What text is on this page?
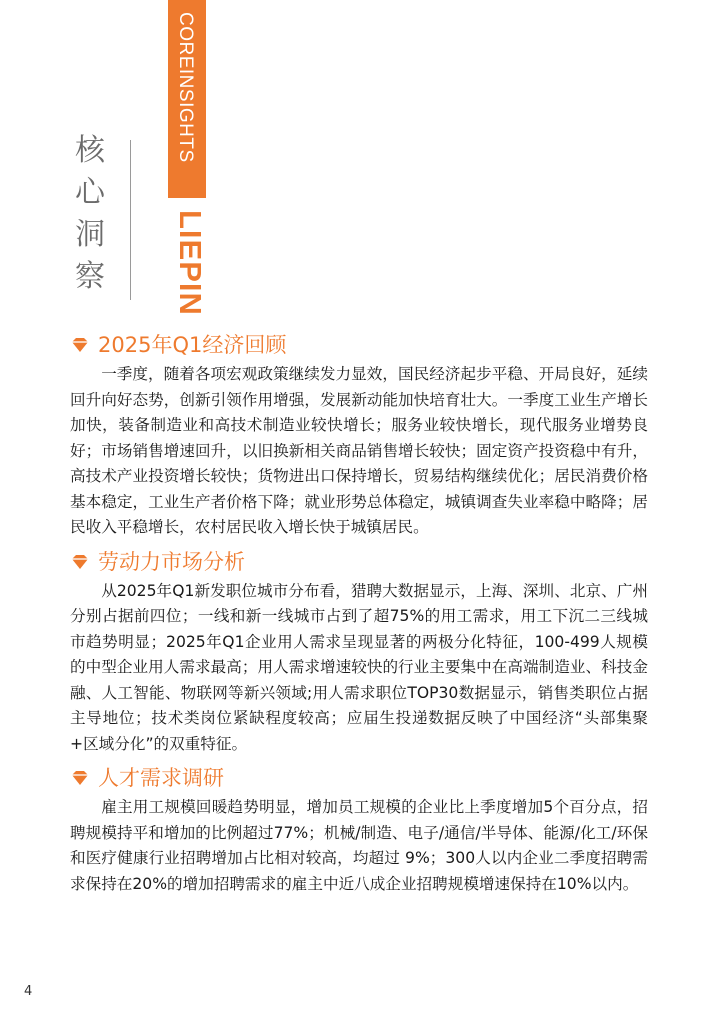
核
心
洞
察
COREINSIGHTS
LIEPIN
2025年Q1经济回顾

一季度，随着各项宏观政策继续发力显效，国民经济起步平稳、开局良好，延续回升向好态势，创新引领作用增强，发展新动能加快培育壮大。一季度工业生产增长加快，装备制造业和高技术制造业较快增长；服务业较快增长，现代服务业增势良好；市场销售增速回升，以旧换新相关商品销售增长较快；固定资产投资稳中有升，高技术产业投资增长较快；货物进出口保持增长，贸易结构继续优化；居民消费价格基本稳定，工业生产者价格下降；就业形势总体稳定，城镇调查失业率稳中略降；居民收入平稳增长，农村居民收入增长快于城镇居民。

劳动力市场分析

从2025年Q1新发职位城市分布看，猎聘大数据显示，上海、深圳、北京、广州分别占据前四位；一线和新一线城市占到了超75%的用工需求，用工下沉二三线城市趋势明显；2025年Q1企业用人需求呈现显著的两极分化特征，100-499人规模的中型企业用人需求最高；用人需求增速较快的行业主要集中在高端制造业、科技金融、人工智能、物联网等新兴领域;用人需求职位TOP30数据显示，销售类职位占据主导地位；技术类岗位紧缺程度较高；应届生投递数据反映了中国经济“头部集聚+区域分化”的双重特征。

人才需求调研

雇主用工规模回暖趋势明显，增加员工规模的企业比上季度增加5个百分点，招聘规模持平和增加的比例超过77%；机械/制造、电子/通信/半导体、能源/化工/环保和医疗健康行业招聘增加占比相对较高，均超过 9%；300人以内企业二季度招聘需求保持在20%的增加招聘需求的雇主中近八成企业招聘规模增速保持在10%以内。

4
